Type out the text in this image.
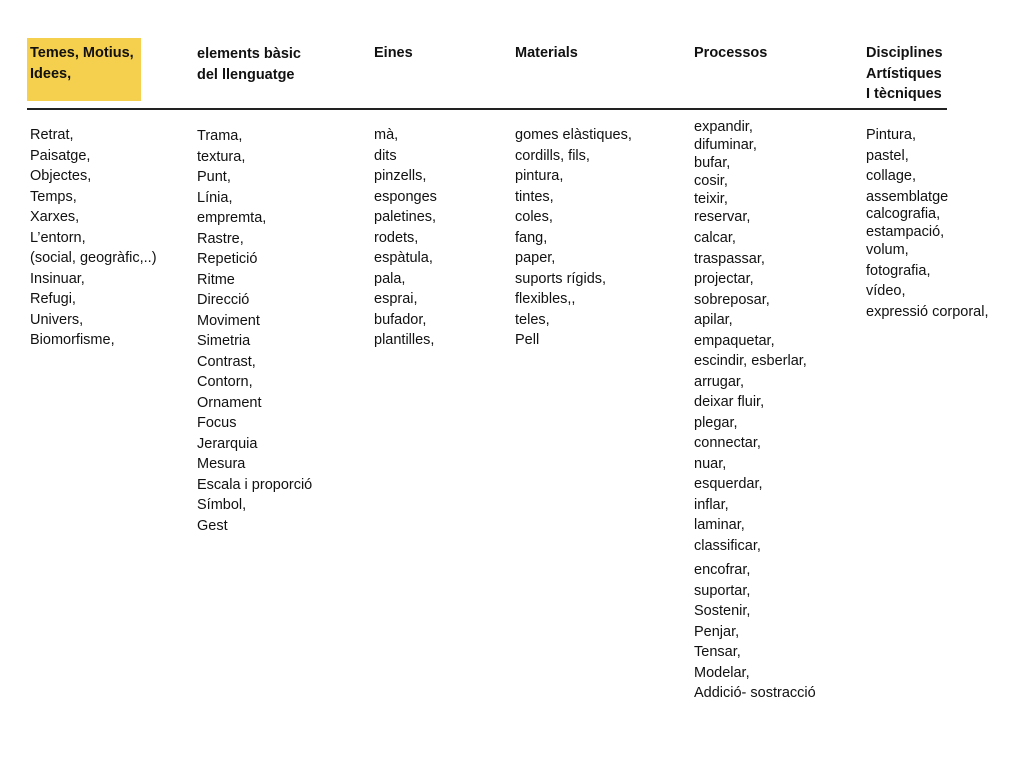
Temes, Motius,
Idees,
Retrat,
Paisatge,
Objectes,
Temps,
Xarxes,
L’entorn,
(social, geogràfic,..)
Insinuar,
Refugi,
Univers,
Biomorfisme,
elements bàsic
del llenguatge
Trama,
textura,
Punt,
Línia,
empremta,
Rastre,
Repetició
Ritme
Direcció
Moviment
Simetria
Contrast,
Contorn,
Ornament
Focus
Jerarquia
Mesura
Escala i proporció
Símbol,
Gest
Eines
mà,
dits
pinzells,
esponges
paletines,
rodets,
espàtula,
pala,
esprai,
bufador,
plantilles,
Materials
gomes elàstiques,
cordills, fils,
pintura,
tintes,
coles,
fang,
paper,
suports rígids,
flexibles,,
teles,
Pell
Processos
expandir,
difuminar,
bufar,
cosir,
teixir,
reservar,
calcar,
traspassar,
projectar,
sobreposar,
apilar,
empaquetar,
escindir, esberlar,
arrugar,
deixar fluir,
plegar,
connectar,
nuar,
esquerdar,
inflar,
laminar,
classificar,
encofrar,
suportar,
Sostenir,
Penjar,
Tensar,
Modelar,
Addició- sostracció
Disciplines
Artístiques
I tècniques
Pintura,
pastel,
collage,
assemblatge
calcografia,
estampació,
volum,
fotografia,
vídeo,
expressió corporal,
